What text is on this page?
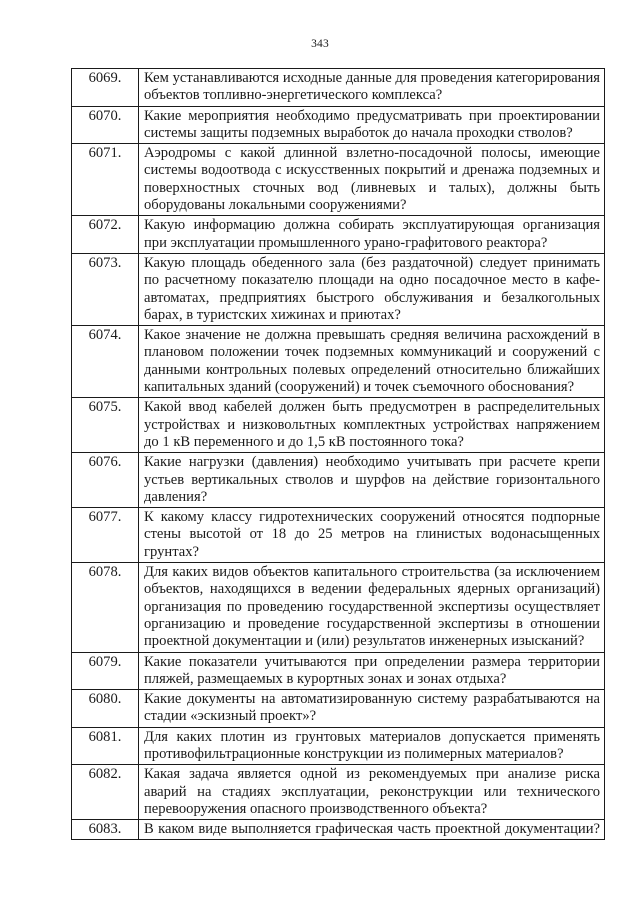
343
6069.	Кем устанавливаются исходные данные для проведения категорирования объектов топливно-энергетического комплекса?
6070.	Какие мероприятия необходимо предусматривать при проектировании системы защиты подземных выработок до начала проходки стволов?
6071.	Аэродромы с какой длинной взлетно-посадочной полосы, имеющие системы водоотвода с искусственных покрытий и дренажа подземных и поверхностных сточных вод (ливневых и талых), должны быть оборудованы локальными сооружениями?
6072.	Какую информацию должна собирать эксплуатирующая организация при эксплуатации промышленного урано-графитового реактора?
6073.	Какую площадь обеденного зала (без раздаточной) следует принимать по расчетному показателю площади на одно посадочное место в кафе-автоматах, предприятиях быстрого обслуживания и безалкогольных барах, в туристских хижинах и приютах?
6074.	Какое значение не должна превышать средняя величина расхождений в плановом положении точек подземных коммуникаций и сооружений с данными контрольных полевых определений относительно ближайших капитальных зданий (сооружений) и точек съемочного обоснования?
6075.	Какой ввод кабелей должен быть предусмотрен в распределительных устройствах и низковольтных комплектных устройствах напряжением до 1 кВ переменного и до 1,5 кВ постоянного тока?
6076.	Какие нагрузки (давления) необходимо учитывать при расчете крепи устьев вертикальных стволов и шурфов на действие горизонтального давления?
6077.	К какому классу гидротехнических сооружений относятся подпорные стены высотой от 18 до 25 метров на глинистых водонасыщенных грунтах?
6078.	Для каких видов объектов капитального строительства (за исключением объектов, находящихся в ведении федеральных ядерных организаций) организация по проведению государственной экспертизы осуществляет организацию и проведение государственной экспертизы в отношении проектной документации и (или) результатов инженерных изысканий?
6079.	Какие показатели учитываются при определении размера территории пляжей, размещаемых в курортных зонах и зонах отдыха?
6080.	Какие документы на автоматизированную систему разрабатываются на стадии «эскизный проект»?
6081.	Для каких плотин из грунтовых материалов допускается применять противофильтрационные конструкции из полимерных материалов?
6082.	Какая задача является одной из рекомендуемых при анализе риска аварий на стадиях эксплуатации, реконструкции или технического перевооружения опасного производственного объекта?
6083.	В каком виде выполняется графическая часть проектной документации?
